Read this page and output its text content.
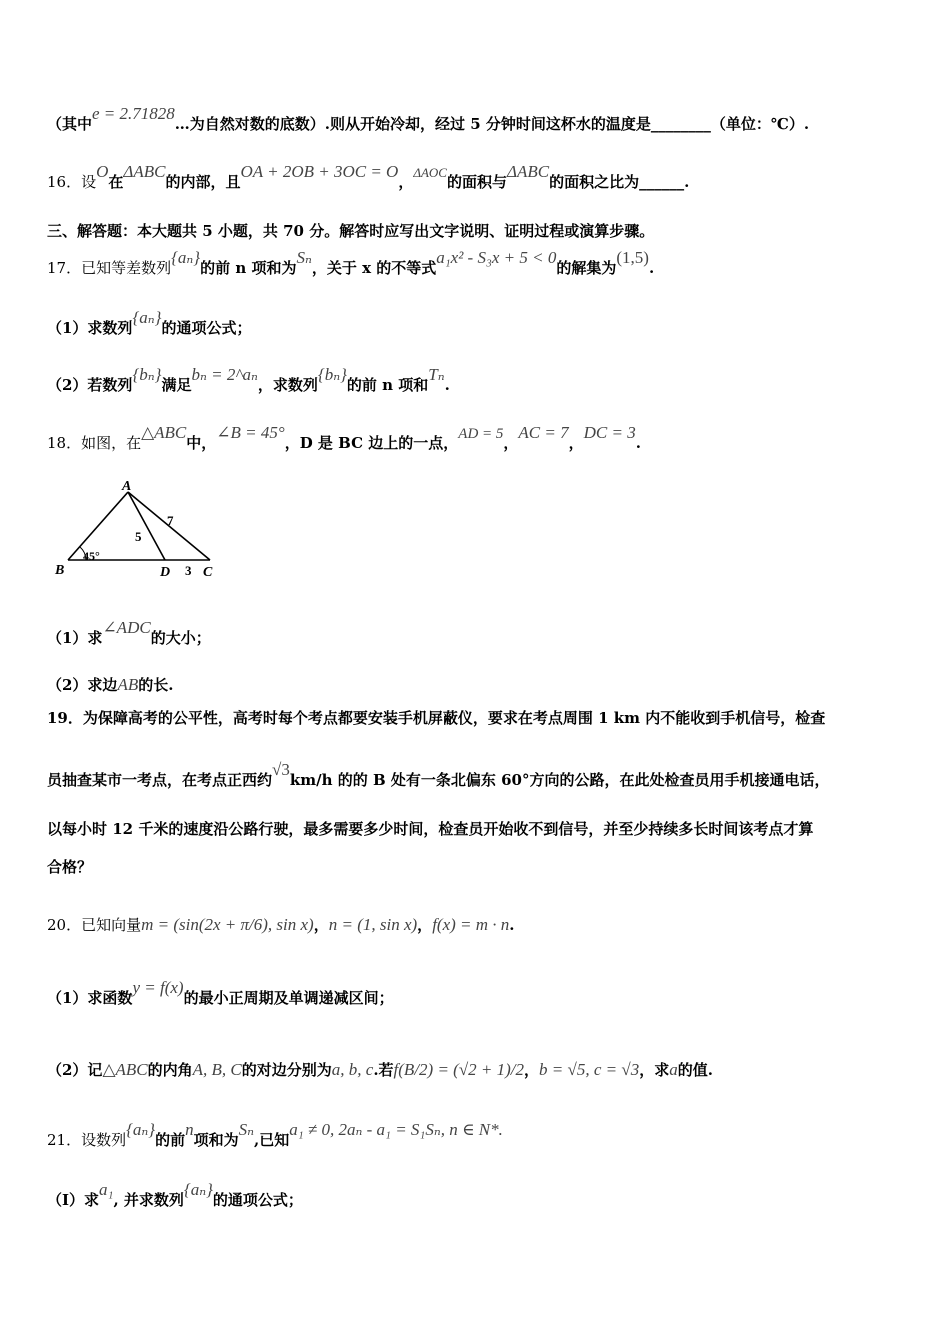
（其中e = 2.71828…为自然对数的底数）.则从开始冷却，经过 5 分钟时间这杯水的温度是________（单位：℃）.
16．设O在ΔABC的内部，且OA + 2OB + 3OC = O，ΔAOC的面积与ΔABC的面积之比为______.
三、解答题：本大题共 5 小题，共 70 分。解答时应写出文字说明、证明过程或演算步骤。
17．已知等差数列{aₙ}的前 n 项和为Sₙ，关于 x 的不等式a₁x² - S₃x + 5 < 0的解集为(1,5).
（1）求数列{aₙ}的通项公式；
（2）若数列{bₙ}满足bₙ = 2^aₙ，求数列{bₙ}的前 n 项和Tₙ.
18．如图，在△ABC中，∠B = 45°，D 是 BC 边上的一点，AD = 5，AC = 7，DC = 3.
A
B	D C
45°
5
7
3
（1）求∠ADC的大小；
（2）求边AB的长.
19．为保障高考的公平性，高考时每个考点都要安装手机屏蔽仪，要求在考点周围 1 km 内不能收到手机信号，检查
员抽查某市一考点，在考点正西约√3km/h 的的 B 处有一条北偏东 60°方向的公路，在此处检查员用手机接通电话，
以每小时 12 千米的速度沿公路行驶，最多需要多少时间，检查员开始收不到信号，并至少持续多长时间该考点才算
合格？
20．已知向量m = (sin(2x + π/6), sin x)，n = (1, sin x)，f(x) = m · n.
（1）求函数y = f(x)的最小正周期及单调递减区间；
（2）记△ABC的内角A, B, C的对边分别为a, b, c.若f(B/2) = (√2 + 1)/2，b = √5, c = √3，求a的值.
21．设数列{aₙ}的前n项和为Sₙ,已知a₁ ≠ 0, 2aₙ - a₁ = S₁Sₙ, n ∈ N*.
（Ⅰ）求a₁, 并求数列{aₙ}的通项公式；
